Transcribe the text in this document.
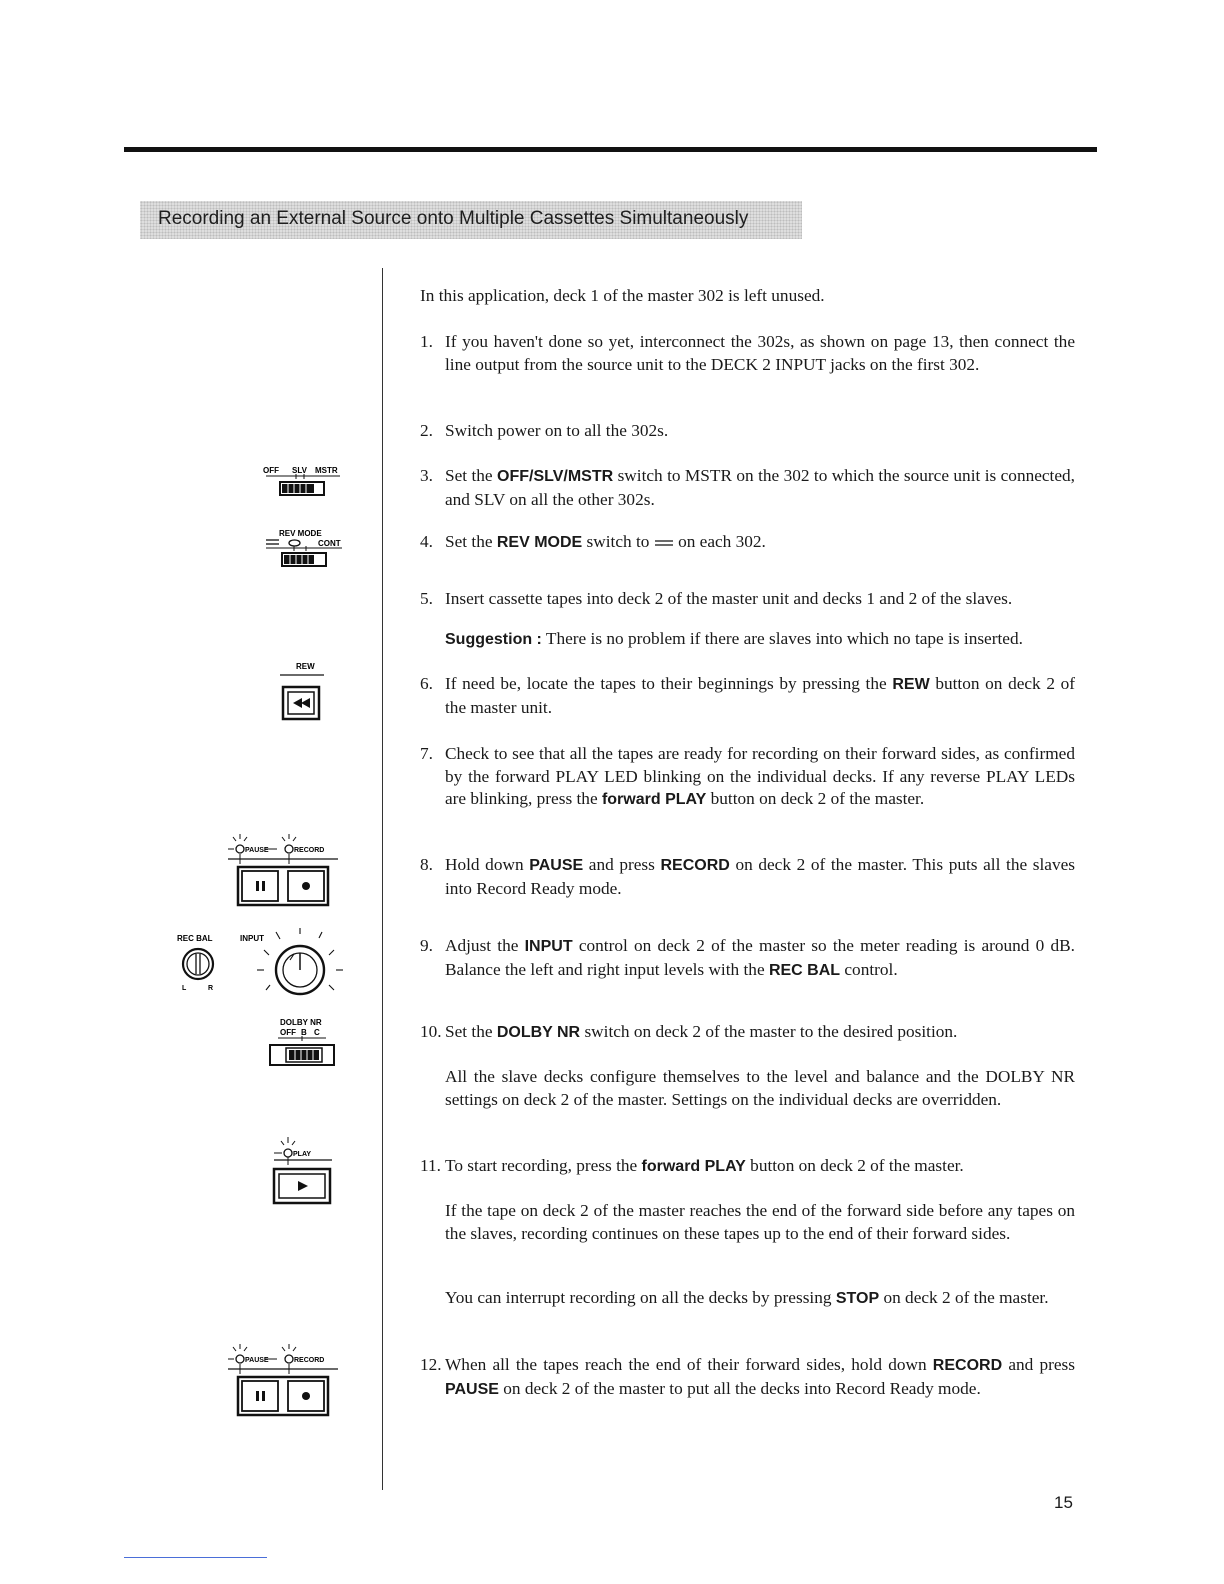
Recording an External Source onto Multiple Cassettes Simultaneously
OFF SLV MSTR
REV MODE
CONT
REW
PAUSE	RECORD
REC BAL
L	R
INPUT
DOLBY NR
OFF B C
PLAY
PAUSE	RECORD
In this application, deck 1 of the master 302 is left unused.
1. If you haven't done so yet, interconnect the 302s, as shown on page 13, then connect the line output from the source unit to the DECK 2 INPUT jacks on the first 302.
2. Switch power on to all the 302s.
3. Set the OFF/SLV/MSTR switch to MSTR on the 302 to which the source unit is connected, and SLV on all the other 302s.
4. Set the REV MODE switch to on each 302.
5. Insert cassette tapes into deck 2 of the master unit and decks 1 and 2 of the slaves.
Suggestion : There is no problem if there are slaves into which no tape is inserted.
6. If need be, locate the tapes to their beginnings by pressing the REW button on deck 2 of the master unit.
7. Check to see that all the tapes are ready for recording on their forward sides, as confirmed by the forward PLAY LED blinking on the individual decks. If any reverse PLAY LEDs are blinking, press the forward PLAY button on deck 2 of the master.
8. Hold down PAUSE and press RECORD on deck 2 of the master. This puts all the slaves into Record Ready mode.
9. Adjust the INPUT control on deck 2 of the master so the meter reading is around 0 dB. Balance the left and right input levels with the REC BAL control.
10. Set the DOLBY NR switch on deck 2 of the master to the desired position.
All the slave decks configure themselves to the level and balance and the DOLBY NR settings on deck 2 of the master. Settings on the individual decks are overridden.
11. To start recording, press the forward PLAY button on deck 2 of the master.
If the tape on deck 2 of the master reaches the end of the forward side before any tapes on the slaves, recording continues on these tapes up to the end of their forward sides.
You can interrupt recording on all the decks by pressing STOP on deck 2 of the master.
12. When all the tapes reach the end of their forward sides, hold down RECORD and press PAUSE on deck 2 of the master to put all the decks into Record Ready mode.
15
